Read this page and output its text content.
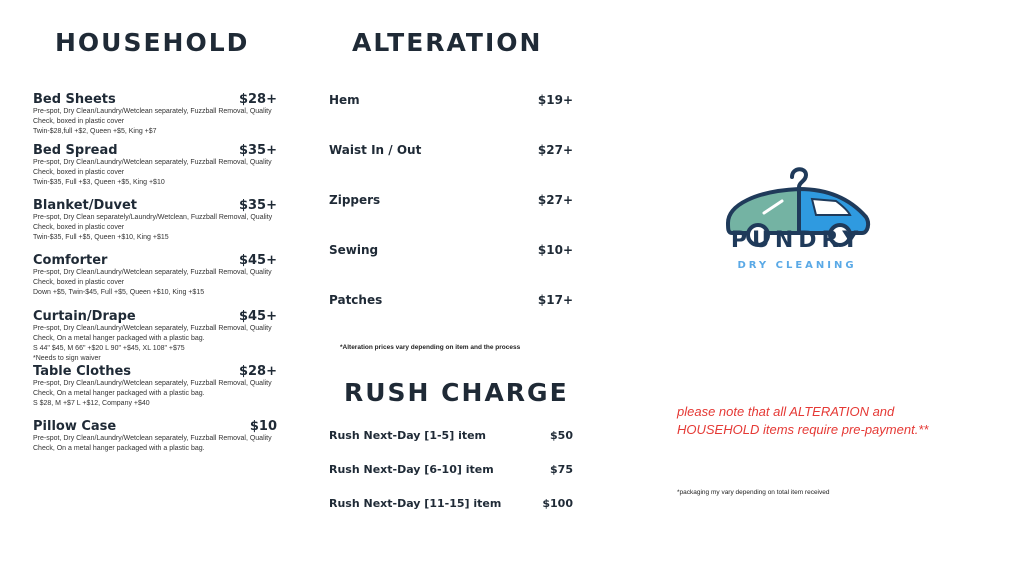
HOUSEHOLD	ALTERATION
RUSH CHARGE
Bed Sheets	$28+
Pre-spot, Dry Clean/Laundry/Wetclean separately, Fuzzball Removal, Quality Check, boxed in plastic cover
Twin-$28,full +$2, Queen +$5, King +$7
Bed Spread	$35+
Pre-spot, Dry Clean/Laundry/Wetclean separately, Fuzzball Removal, Quality Check, boxed in plastic cover
Twin-$35, Full +$3, Queen +$5, King +$10
Blanket/Duvet	$35+
Pre-spot, Dry Clean separately/Laundry/Wetclean, Fuzzball Removal, Quality Check, boxed in plastic cover
Twin-$35, Full +$5, Queen +$10, King +$15
Comforter	$45+
Pre-spot, Dry Clean/Laundry/Wetclean separately, Fuzzball Removal, Quality Check, boxed in plastic cover
Down +$5, Twin-$45, Full +$5, Queen +$10, King +$15
Curtain/Drape	$45+
Pre-spot, Dry Clean/Laundry/Wetclean separately, Fuzzball Removal, Quality Check, On a metal hanger packaged with a plastic bag.
S 44" $45, M 66" +$20 L 90" +$45, XL 108" +$75
*Needs to sign waiver
Table Clothes	$28+
Pre-spot, Dry Clean/Laundry/Wetclean separately, Fuzzball Removal, Quality Check, On a metal hanger packaged with a plastic bag.
S $28, M +$7 L +$12, Company +$40
Pillow Case	$10
Pre-spot, Dry Clean/Laundry/Wetclean separately, Fuzzball Removal, Quality Check, On a metal hanger packaged with a plastic bag.
Hem	$19+
Waist In / Out	$27+
Zippers	$27+
Sewing	$10+
Patches	$17+
*Alteration prices vary depending on item and the process
Rush Next-Day [1-5] item	$50
Rush Next-Day [6-10] item	$75
Rush Next-Day [11-15] item	$100
PUNDRY
DRY CLEANING
please note that all ALTERATION and HOUSEHOLD items require pre-payment.**
*packaging my vary depending on total item received
